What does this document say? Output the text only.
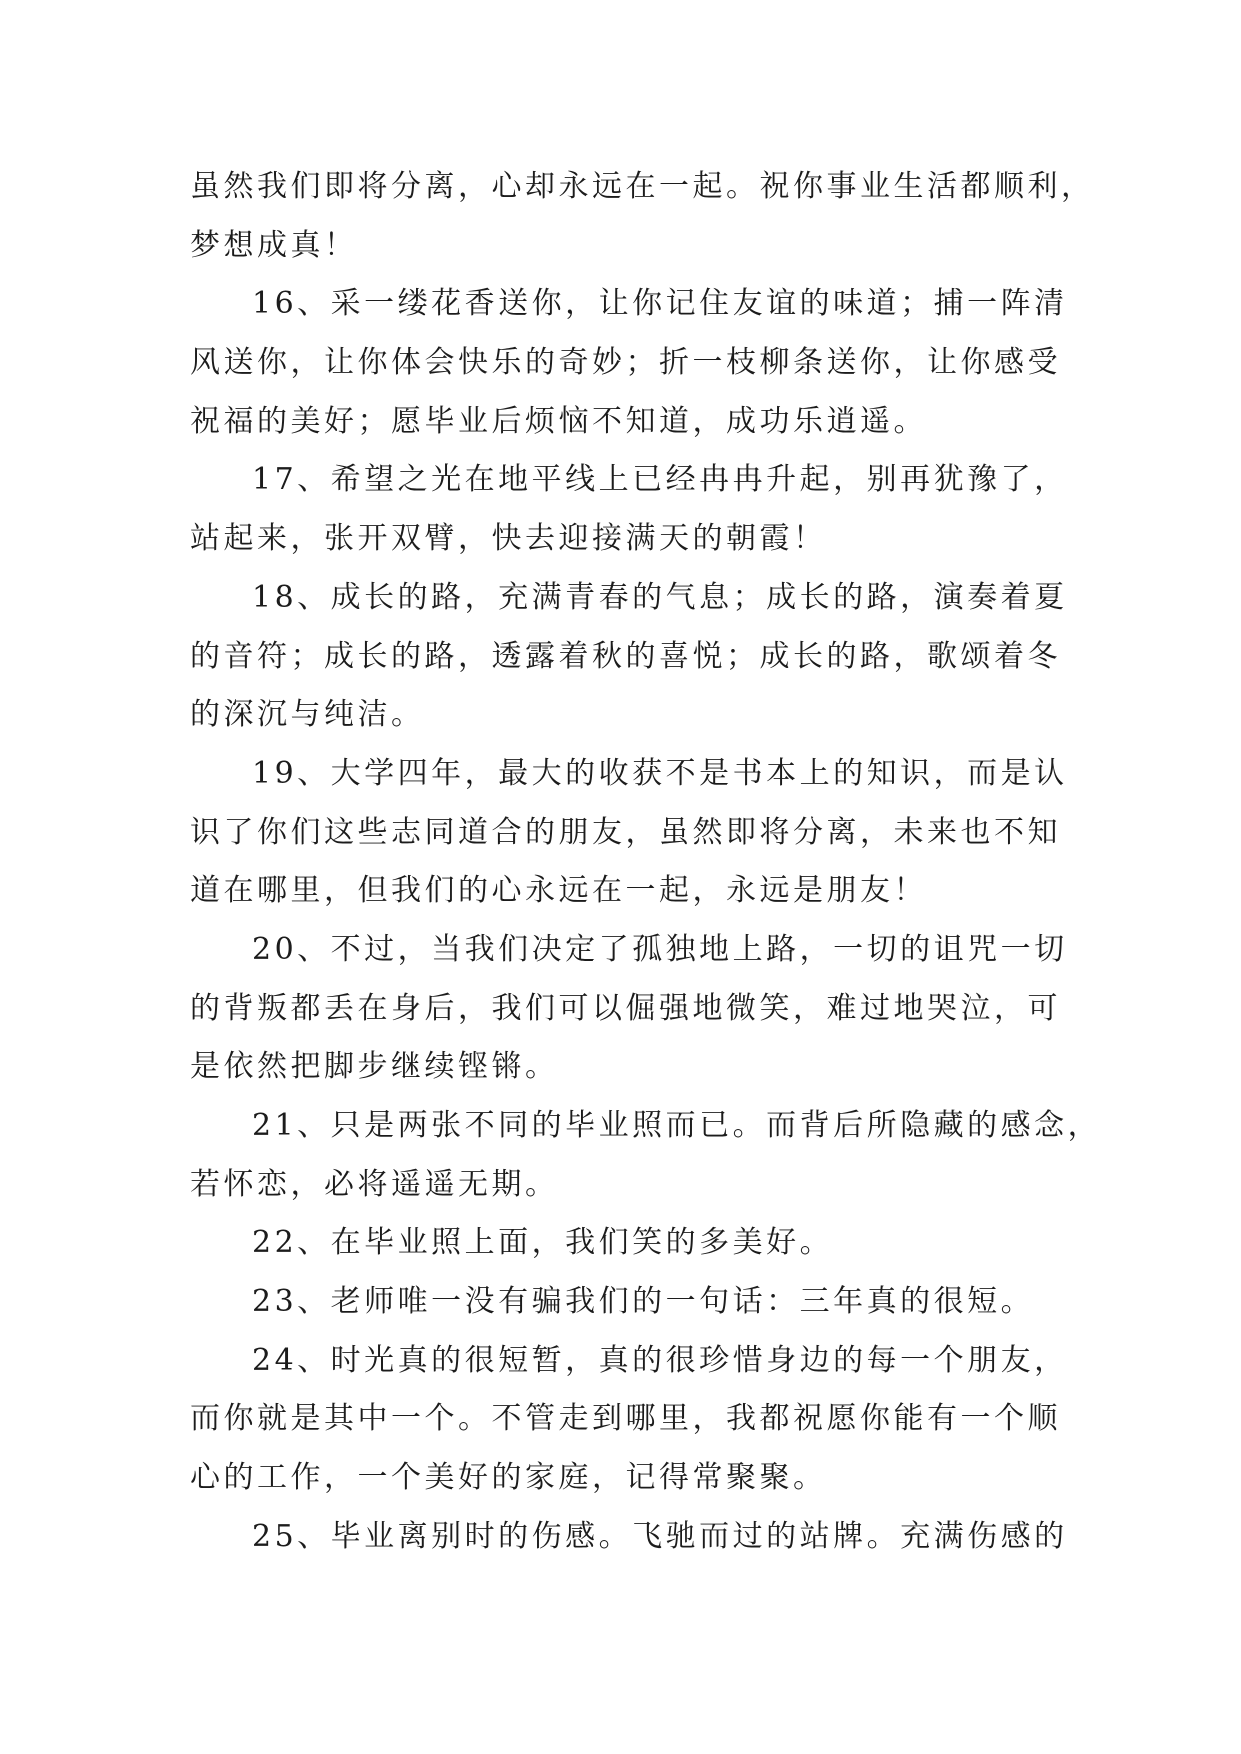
虽然我们即将分离，心却永远在一起。祝你事业生活都顺利，
梦想成真！

16、采一缕花香送你，让你记住友谊的味道；捕一阵清
风送你，让你体会快乐的奇妙；折一枝柳条送你，让你感受
祝福的美好；愿毕业后烦恼不知道，成功乐逍遥。

17、希望之光在地平线上已经冉冉升起，别再犹豫了，
站起来，张开双臂，快去迎接满天的朝霞！

18、成长的路，充满青春的气息；成长的路，演奏着夏
的音符；成长的路，透露着秋的喜悦；成长的路，歌颂着冬
的深沉与纯洁。

19、大学四年，最大的收获不是书本上的知识，而是认
识了你们这些志同道合的朋友，虽然即将分离，未来也不知
道在哪里，但我们的心永远在一起，永远是朋友！

20、不过，当我们决定了孤独地上路，一切的诅咒一切
的背叛都丢在身后，我们可以倔强地微笑，难过地哭泣，可
是依然把脚步继续铿锵。

21、只是两张不同的毕业照而已。而背后所隐藏的感念，
若怀恋，必将遥遥无期。

22、在毕业照上面，我们笑的多美好。

23、老师唯一没有骗我们的一句话：三年真的很短。

24、时光真的很短暂，真的很珍惜身边的每一个朋友，
而你就是其中一个。不管走到哪里，我都祝愿你能有一个顺
心的工作，一个美好的家庭，记得常聚聚。

25、毕业离别时的伤感。飞驰而过的站牌。充满伤感的
